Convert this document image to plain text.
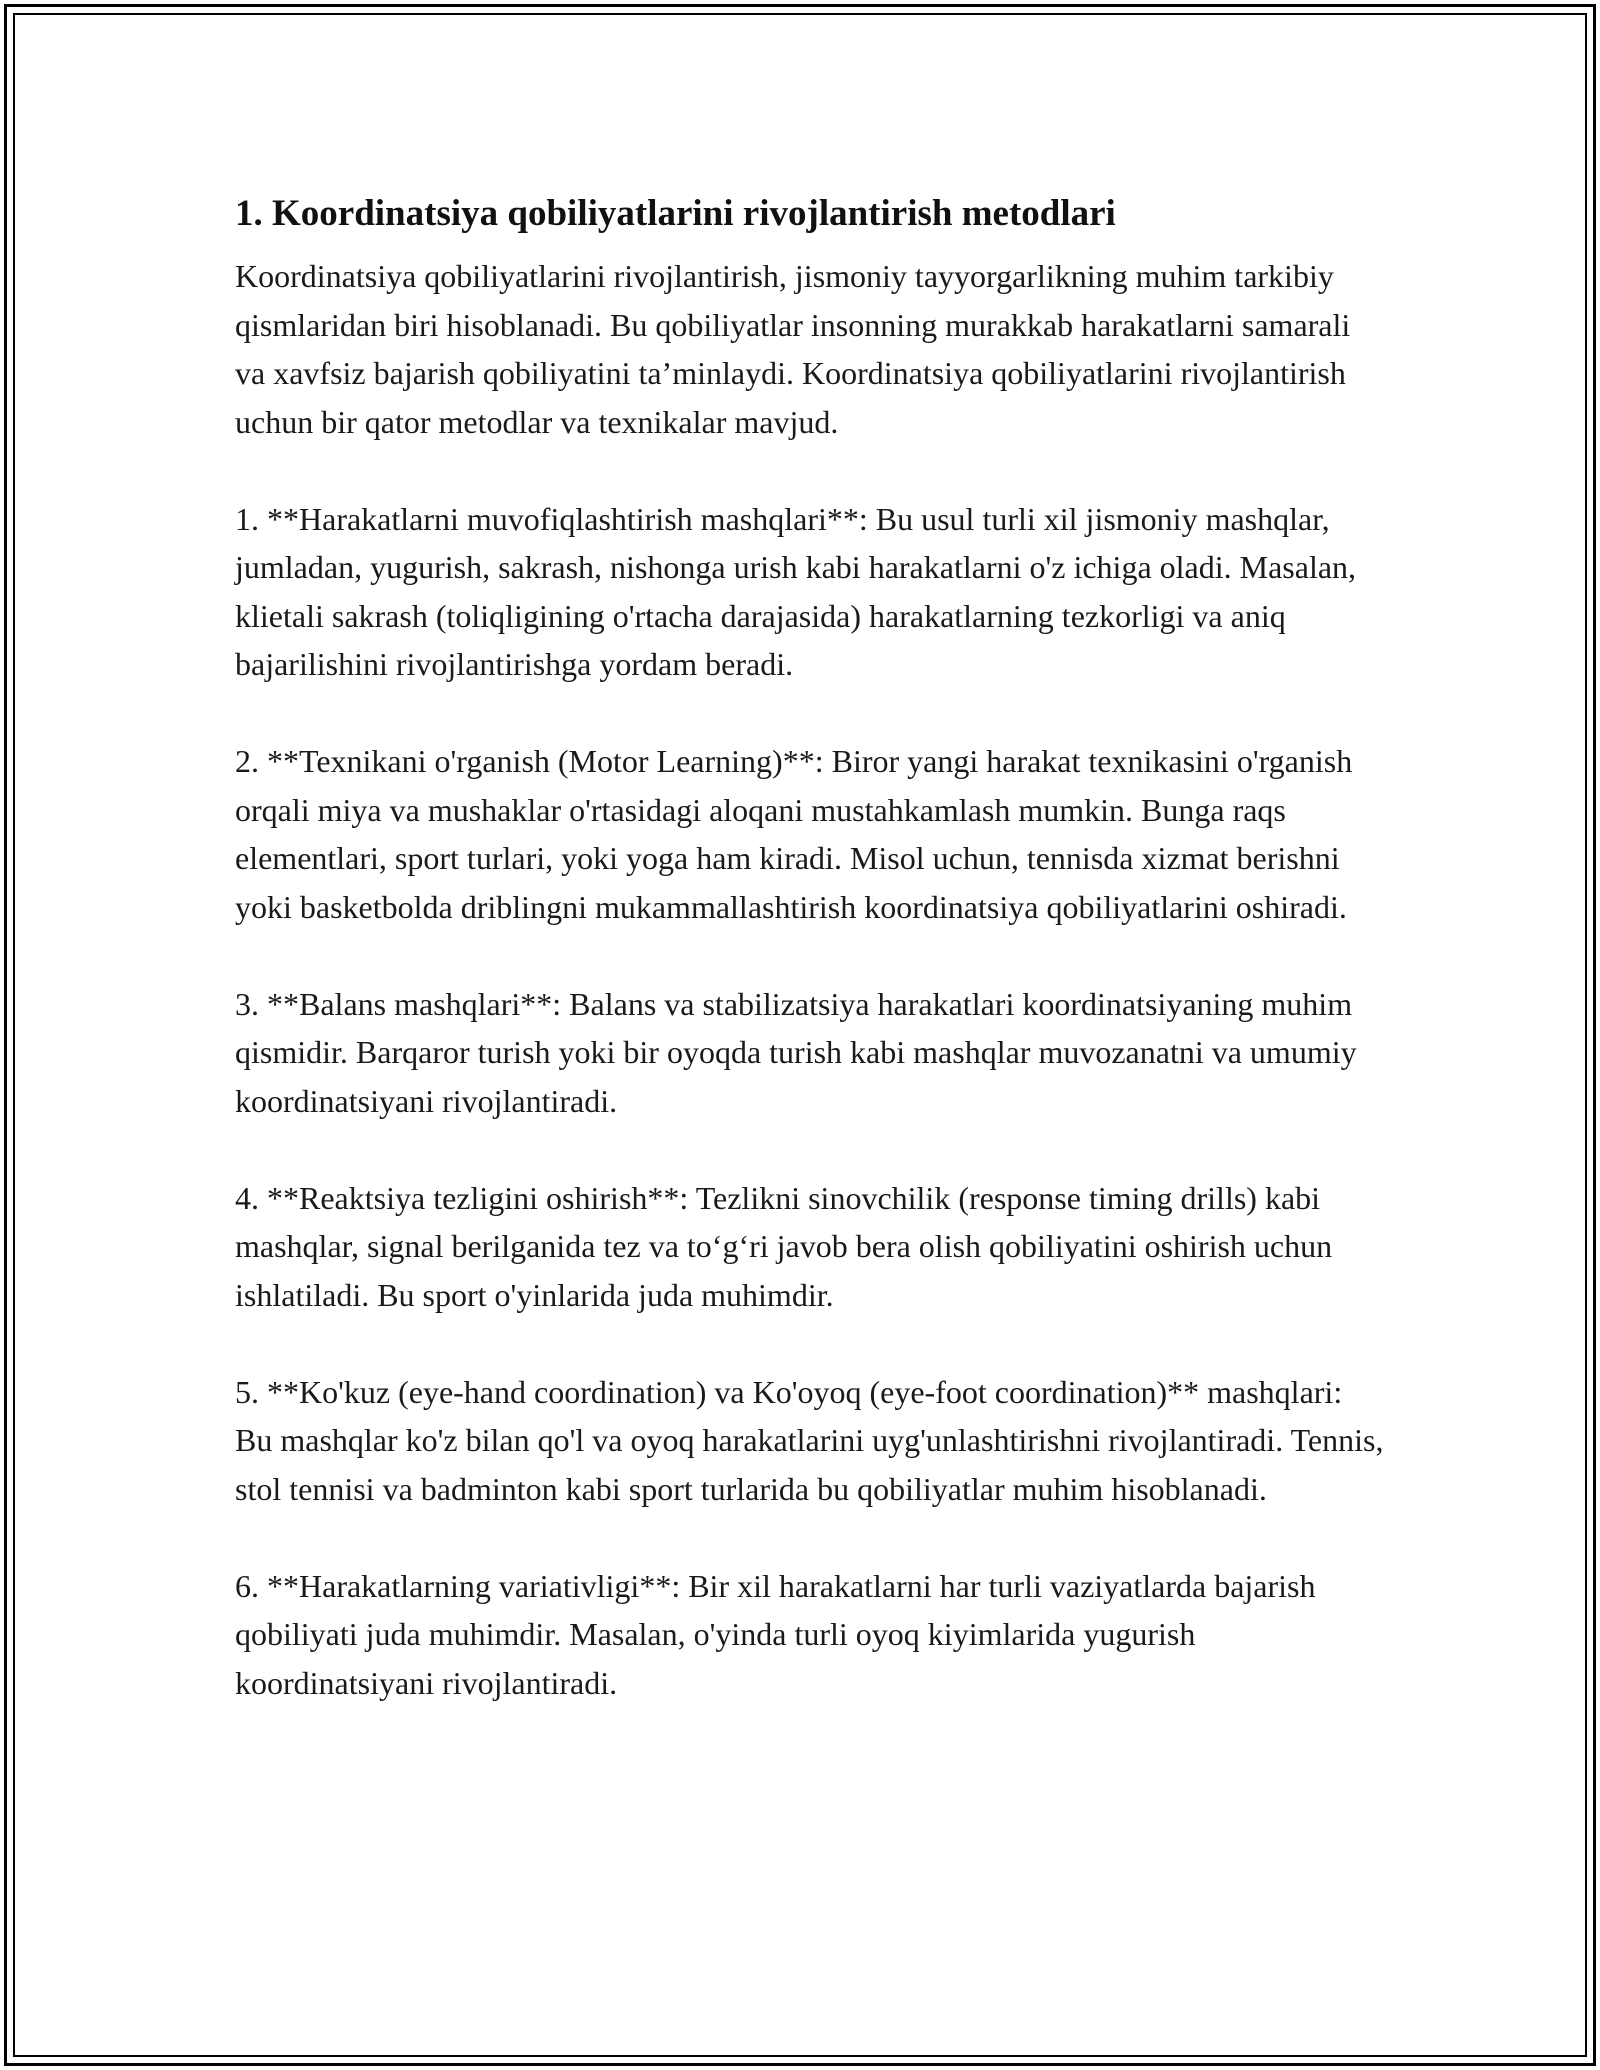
1. Koordinatsiya qobiliyatlarini rivojlantirish metodlari

Koordinatsiya qobiliyatlarini rivojlantirish, jismoniy tayyorgarlikning muhim tarkibiy qismlaridan biri hisoblanadi. Bu qobiliyatlar insonning murakkab harakatlarni samarali va xavfsiz bajarish qobiliyatini ta’minlaydi. Koordinatsiya qobiliyatlarini rivojlantirish uchun bir qator metodlar va texnikalar mavjud.

1. **Harakatlarni muvofiqlashtirish mashqlari**: Bu usul turli xil jismoniy mashqlar, jumladan, yugurish, sakrash, nishonga urish kabi harakatlarni o'z ichiga oladi. Masalan, klietali sakrash (toliqligining o'rtacha darajasida) harakatlarning tezkorligi va aniq bajarilishini rivojlantirishga yordam beradi.

2. **Texnikani o'rganish (Motor Learning)**: Biror yangi harakat texnikasini o'rganish orqali miya va mushaklar o'rtasidagi aloqani mustahkamlash mumkin. Bunga raqs elementlari, sport turlari, yoki yoga ham kiradi. Misol uchun, tennisda xizmat berishni yoki basketbolda driblingni mukammallashtirish koordinatsiya qobiliyatlarini oshiradi.

3. **Balans mashqlari**: Balans va stabilizatsiya harakatlari koordinatsiyaning muhim qismidir. Barqaror turish yoki bir oyoqda turish kabi mashqlar muvozanatni va umumiy koordinatsiyani rivojlantiradi.

4. **Reaktsiya tezligini oshirish**: Tezlikni sinovchilik (response timing drills) kabi mashqlar, signal berilganida tez va to‘g‘ri javob bera olish qobiliyatini oshirish uchun ishlatiladi. Bu sport o'yinlarida juda muhimdir.

5. **Ko'kuz (eye-hand coordination) va Ko'oyoq (eye-foot coordination)** mashqlari: Bu mashqlar ko'z bilan qo'l va oyoq harakatlarini uyg'unlashtirishni rivojlantiradi. Tennis, stol tennisi va badminton kabi sport turlarida bu qobiliyatlar muhim hisoblanadi.

6. **Harakatlarning variativligi**: Bir xil harakatlarni har turli vaziyatlarda bajarish qobiliyati juda muhimdir. Masalan, o'yinda turli oyoq kiyimlarida yugurish koordinatsiyani rivojlantiradi.
